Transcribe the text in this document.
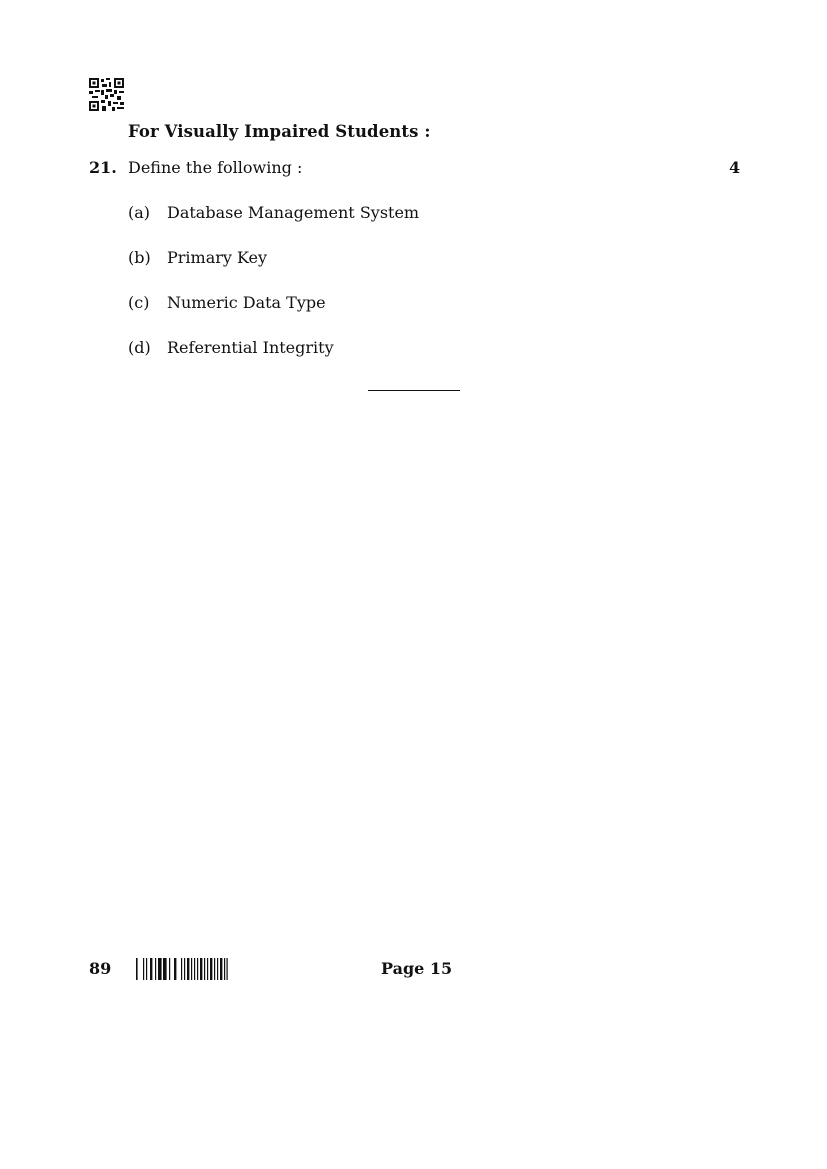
For Visually Impaired Students :
21. Define the following :	4
(a)	Database Management System
(b)	Primary Key
(c)	Numeric Data Type
(d)	Referential Integrity
89	Page 15
